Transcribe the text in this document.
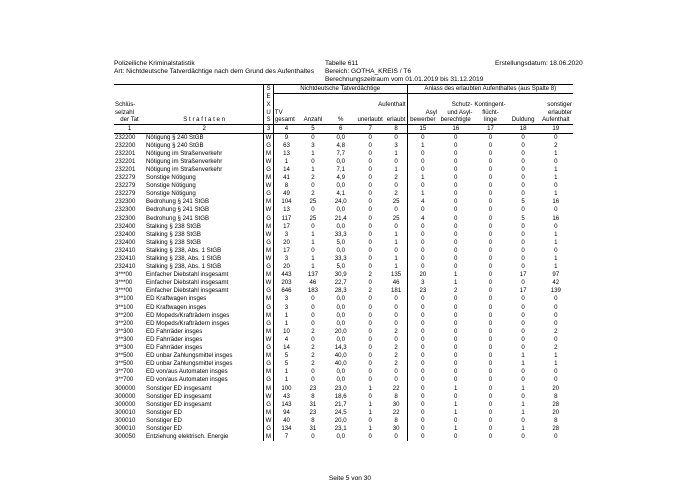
Polizeiliche Kriminalstatistik
Art: Nichtdeutsche Tatverdächtige nach dem Grund des Aufenthaltes
Tabelle 611
Bereich: GOTHA_KREIS / T6
Berechnungszeitraum vom 01.01.2019 bis 31.12.2019
Erstellungsdatum: 18.06.2020
		S	Nichtdeutsche Tatverdächtige					Anlass des erlaubten Aufenthaltes (aus Spalte 8)				
		E										
Schlüs-		X				Aufenthalt			Schutz-	Kontingent-		sonstiger
selzahl		U	TV					Asyl	und Asyl-	flücht-		erlaubter
der Tat	S t r a f t a t e n	S	gesamt	Anzahl	%	unerlaubt	erlaubt	bewerber	berechtigte	linge	Duldung	Aufenthalt
1	2	3	4	5	6	7	8	15	16	17	18	19
232200	Nötigung § 240 StGB	W	9	0	0,0	0	0	0	0	0	0	0
232200	Nötigung § 240 StGB	G	63	3	4,8	0	3	1	0	0	0	2
232201	Nötigung im Straßenverkehr	M	13	1	7,7	0	1	0	0	0	0	1
232201	Nötigung im Straßenverkehr	W	1	0	0,0	0	0	0	0	0	0	0
232201	Nötigung im Straßenverkehr	G	14	1	7,1	0	1	0	0	0	0	1
232279	Sonstige Nötigung	M	41	2	4,9	0	2	1	0	0	0	1
232279	Sonstige Nötigung	W	8	0	0,0	0	0	0	0	0	0	0
232279	Sonstige Nötigung	G	49	2	4,1	0	2	1	0	0	0	1
232300	Bedrohung § 241 StGB	M	104	25	24,0	0	25	4	0	0	5	16
232300	Bedrohung § 241 StGB	W	13	0	0,0	0	0	0	0	0	0	0
232300	Bedrohung § 241 StGB	G	117	25	21,4	0	25	4	0	0	5	16
232400	Stalking § 238 StGB	M	17	0	0,0	0	0	0	0	0	0	0
232400	Stalking § 238 StGB	W	3	1	33,3	0	1	0	0	0	0	1
232400	Stalking § 238 StGB	G	20	1	5,0	0	1	0	0	0	0	1
232410	Stalking § 238, Abs. 1 StGB	M	17	0	0,0	0	0	0	0	0	0	0
232410	Stalking § 238, Abs. 1 StGB	W	3	1	33,3	0	1	0	0	0	0	1
232410	Stalking § 238, Abs. 1 StGB	G	20	1	5,0	0	1	0	0	0	0	1
3***00	Einfacher Diebstahl insgesamt	M	443	137	30,9	2	135	20	1	0	17	97
3***00	Einfacher Diebstahl insgesamt	W	203	46	22,7	0	46	3	1	0	0	42
3***00	Einfacher Diebstahl insgesamt	G	646	183	28,3	2	181	23	2	0	17	139
3**100	ED Kraftwagen insges	M	3	0	0,0	0	0	0	0	0	0	0
3**100	ED Kraftwagen insges	G	3	0	0,0	0	0	0	0	0	0	0
3**200	ED Mopeds/Krafträdern insges	M	1	0	0,0	0	0	0	0	0	0	0
3**200	ED Mopeds/Krafträdern insges	G	1	0	0,0	0	0	0	0	0	0	0
3**300	ED Fahrräder insges	M	10	2	20,0	0	2	0	0	0	0	2
3**300	ED Fahrräder insges	W	4	0	0,0	0	0	0	0	0	0	0
3**300	ED Fahrräder insges	G	14	2	14,3	0	2	0	0	0	0	2
3**500	ED unbar Zahlungsmittel insges	M	5	2	40,0	0	2	0	0	0	1	1
3**500	ED unbar Zahlungsmittel insges	G	5	2	40,0	0	2	0	0	0	1	1
3**700	ED von/aus Automaten insges	M	1	0	0,0	0	0	0	0	0	0	0
3**700	ED von/aus Automaten insges	G	1	0	0,0	0	0	0	0	0	0	0
300000	Sonstiger ED insgesamt	M	100	23	23,0	1	22	0	1	0	1	20
300000	Sonstiger ED insgesamt	W	43	8	18,6	0	8	0	0	0	0	8
300000	Sonstiger ED insgesamt	G	143	31	21,7	1	30	0	1	0	1	28
300010	Sonstiger ED	M	94	23	24,5	1	22	0	1	0	1	20
300010	Sonstiger ED	W	40	8	20,0	0	8	0	0	0	0	8
300010	Sonstiger ED	G	134	31	23,1	1	30	0	1	0	1	28
300050	Entziehung elektrisch. Energie	M	7	0	0,0	0	0	0	0	0	0	0
Seite 5 von 30
